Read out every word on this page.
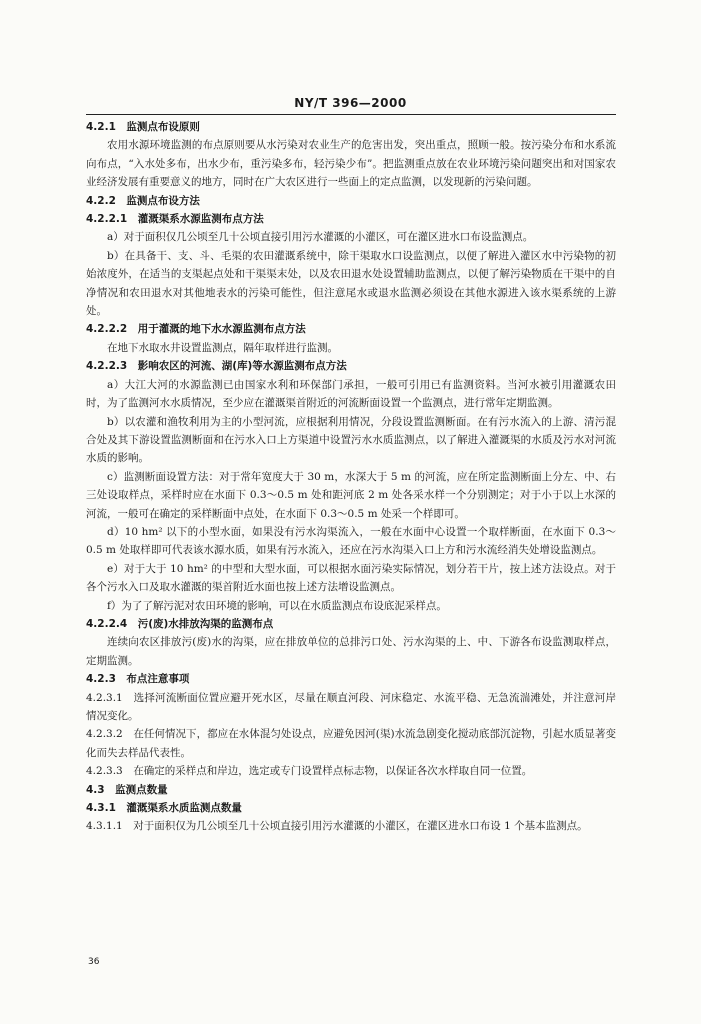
NY/T 396—2000

4.2.1　监测点布设原则

农用水源环境监测的布点原则要从水污染对农业生产的危害出发，突出重点，照顾一般。按污染分布和水系流向布点，“入水处多布，出水少布，重污染多布，轻污染少布”。把监测重点放在农业环境污染问题突出和对国家农业经济发展有重要意义的地方，同时在广大农区进行一些面上的定点监测，以发现新的污染问题。

4.2.2　监测点布设方法

4.2.2.1　灌溉渠系水源监测布点方法

a）对于面积仅几公顷至几十公顷直接引用污水灌溉的小灌区，可在灌区进水口布设监测点。

b）在具备干、支、斗、毛渠的农田灌溉系统中，除干渠取水口设监测点，以便了解进入灌区水中污染物的初始浓度外，在适当的支渠起点处和干渠渠末处，以及农田退水处设置辅助监测点，以便了解污染物质在干渠中的自净情况和农田退水对其他地表水的污染可能性，但注意尾水或退水监测必须设在其他水源进入该水渠系统的上游处。

4.2.2.2　用于灌溉的地下水水源监测布点方法

在地下水取水井设置监测点，隔年取样进行监测。

4.2.2.3　影响农区的河流、湖(库)等水源监测布点方法

a）大江大河的水源监测已由国家水利和环保部门承担，一般可引用已有监测资料。当河水被引用灌溉农田时，为了监测河水水质情况，至少应在灌溉渠首附近的河流断面设置一个监测点，进行常年定期监测。

b）以农灌和渔牧利用为主的小型河流，应根据利用情况，分段设置监测断面。在有污水流入的上游、清污混合处及其下游设置监测断面和在污水入口上方渠道中设置污水水质监测点，以了解进入灌溉渠的水质及污水对河流水质的影响。

c）监测断面设置方法：对于常年宽度大于 30 m，水深大于 5 m 的河流，应在所定监测断面上分左、中、右三处设取样点，采样时应在水面下 0.3～0.5 m 处和距河底 2 m 处各采水样一个分别测定；对于小于以上水深的河流，一般可在确定的采样断面中点处，在水面下 0.3～0.5 m 处采一个样即可。

d）10 hm² 以下的小型水面，如果没有污水沟渠流入，一般在水面中心设置一个取样断面，在水面下 0.3～0.5 m 处取样即可代表该水源水质，如果有污水流入，还应在污水沟渠入口上方和污水流经消失处增设监测点。

e）对于大于 10 hm² 的中型和大型水面，可以根据水面污染实际情况，划分若干片，按上述方法设点。对于各个污水入口及取水灌溉的渠首附近水面也按上述方法增设监测点。

f）为了了解污泥对农田环境的影响，可以在水质监测点布设底泥采样点。

4.2.2.4　污(废)水排放沟渠的监测布点

连续向农区排放污(废)水的沟渠，应在排放单位的总排污口处、污水沟渠的上、中、下游各布设监测取样点，定期监测。

4.2.3　布点注意事项

4.2.3.1　选择河流断面位置应避开死水区，尽量在顺直河段、河床稳定、水流平稳、无急流湍滩处，并注意河岸情况变化。

4.2.3.2　在任何情况下，都应在水体混匀处设点，应避免因河(渠)水流急剧变化搅动底部沉淀物，引起水质显著变化而失去样品代表性。

4.2.3.3　在确定的采样点和岸边，选定或专门设置样点标志物，以保证各次水样取自同一位置。

4.3　监测点数量

4.3.1　灌溉渠系水质监测点数量

4.3.1.1　对于面积仅为几公顷至几十公顷直接引用污水灌溉的小灌区，在灌区进水口布设 1 个基本监测点。

36
